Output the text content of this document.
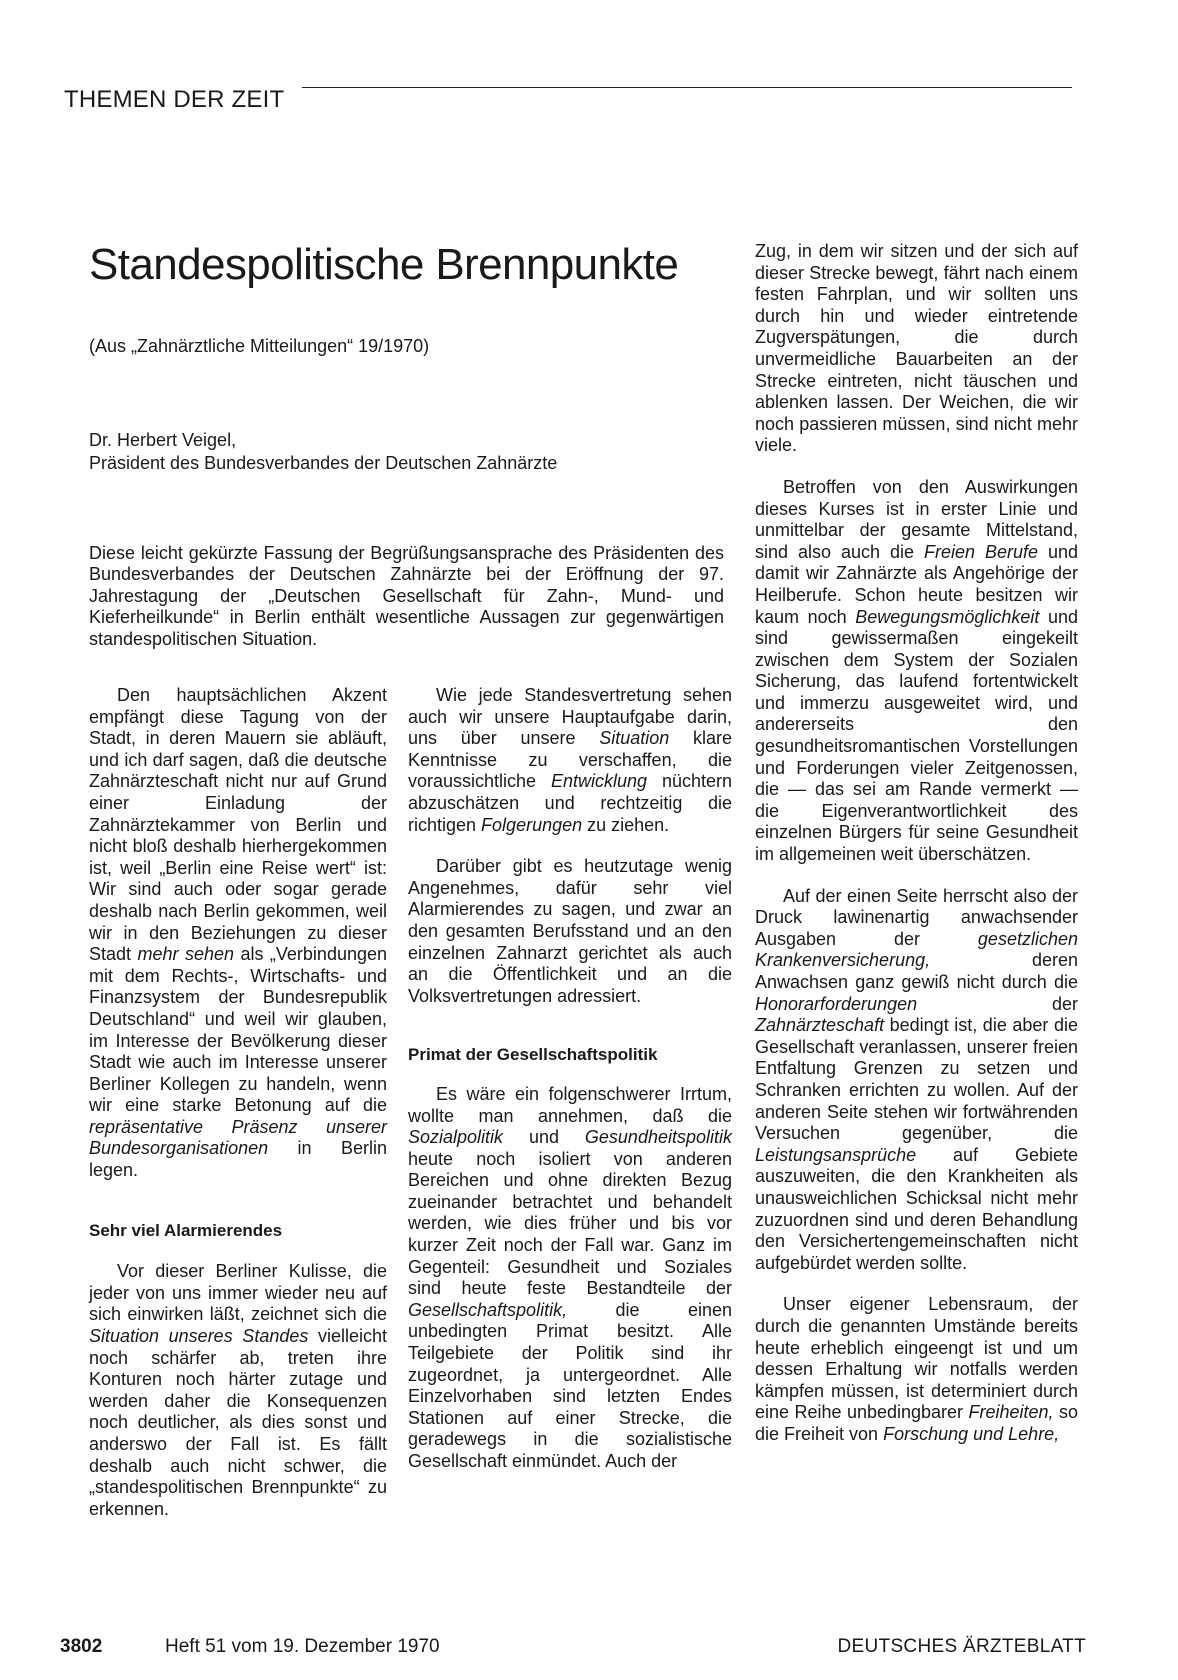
THEMEN DER ZEIT
Standespolitische Brennpunkte
(Aus „Zahnärztliche Mitteilungen“ 19/1970)
Dr. Herbert Veigel,
Präsident des Bundesverbandes der Deutschen Zahnärzte
Diese leicht gekürzte Fassung der Begrüßungsansprache des Präsidenten des Bundesverbandes der Deutschen Zahnärzte bei der Eröffnung der 97. Jahrestagung der „Deutschen Gesellschaft für Zahn-, Mund- und Kieferheilkunde“ in Berlin enthält wesentliche Aussagen zur gegenwärtigen standespolitischen Situation.

Den hauptsächlichen Akzent empfängt diese Tagung von der Stadt, in deren Mauern sie abläuft, und ich darf sagen, daß die deutsche Zahnärzteschaft nicht nur auf Grund einer Einladung der Zahnärztekammer von Berlin und nicht bloß deshalb hierhergekommen ist, weil „Berlin eine Reise wert“ ist: Wir sind auch oder sogar gerade deshalb nach Berlin gekommen, weil wir in den Beziehungen zu dieser Stadt mehr sehen als „Verbindungen mit dem Rechts-, Wirtschafts- und Finanzsystem der Bundesrepublik Deutschland“ und weil wir glauben, im Interesse der Bevölkerung dieser Stadt wie auch im Interesse unserer Berliner Kollegen zu handeln, wenn wir eine starke Betonung auf die repräsentative Präsenz unserer Bundesorganisationen in Berlin legen.

Sehr viel Alarmierendes

Vor dieser Berliner Kulisse, die jeder von uns immer wieder neu auf sich einwirken läßt, zeichnet sich die Situation unseres Standes vielleicht noch schärfer ab, treten ihre Konturen noch härter zutage und werden daher die Konsequenzen noch deutlicher, als dies sonst und anderswo der Fall ist. Es fällt deshalb auch nicht schwer, die „standespolitischen Brennpunkte“ zu erkennen.

Wie jede Standesvertretung sehen auch wir unsere Hauptaufgabe darin, uns über unsere Situation klare Kenntnisse zu verschaffen, die voraussichtliche Entwicklung nüchtern abzuschätzen und rechtzeitig die richtigen Folgerungen zu ziehen.

Darüber gibt es heutzutage wenig Angenehmes, dafür sehr viel Alarmierendes zu sagen, und zwar an den gesamten Berufsstand und an den einzelnen Zahnarzt gerichtet als auch an die Öffentlichkeit und an die Volksvertretungen adressiert.

Primat der Gesellschaftspolitik

Es wäre ein folgenschwerer Irrtum, wollte man annehmen, daß die Sozialpolitik und Gesundheitspolitik heute noch isoliert von anderen Bereichen und ohne direkten Bezug zueinander betrachtet und behandelt werden, wie dies früher und bis vor kurzer Zeit noch der Fall war. Ganz im Gegenteil: Gesundheit und Soziales sind heute feste Bestandteile der Gesellschaftspolitik, die einen unbedingten Primat besitzt. Alle Teilgebiete der Politik sind ihr zugeordnet, ja untergeordnet. Alle Einzelvorhaben sind letzten Endes Stationen auf einer Strecke, die geradewegs in die sozialistische Gesellschaft einmündet. Auch der

Zug, in dem wir sitzen und der sich auf dieser Strecke bewegt, fährt nach einem festen Fahrplan, und wir sollten uns durch hin und wieder eintretende Zugverspätungen, die durch unvermeidliche Bauarbeiten an der Strecke eintreten, nicht täuschen und ablenken lassen. Der Weichen, die wir noch passieren müssen, sind nicht mehr viele.

Betroffen von den Auswirkungen dieses Kurses ist in erster Linie und unmittelbar der gesamte Mittelstand, sind also auch die Freien Berufe und damit wir Zahnärzte als Angehörige der Heilberufe. Schon heute besitzen wir kaum noch Bewegungsmöglichkeit und sind gewissermaßen eingekeilt zwischen dem System der Sozialen Sicherung, das laufend fortentwickelt und immerzu ausgeweitet wird, und andererseits den gesundheitsromantischen Vorstellungen und Forderungen vieler Zeitgenossen, die — das sei am Rande vermerkt — die Eigenverantwortlichkeit des einzelnen Bürgers für seine Gesundheit im allgemeinen weit überschätzen.

Auf der einen Seite herrscht also der Druck lawinenartig anwachsender Ausgaben der gesetzlichen Krankenversicherung, deren Anwachsen ganz gewiß nicht durch die Honorarforderungen der Zahnärzteschaft bedingt ist, die aber die Gesellschaft veranlassen, unserer freien Entfaltung Grenzen zu setzen und Schranken errichten zu wollen. Auf der anderen Seite stehen wir fortwährenden Versuchen gegenüber, die Leistungsansprüche auf Gebiete auszuweiten, die den Krankheiten als unausweichlichen Schicksal nicht mehr zuzuordnen sind und deren Behandlung den Versichertengemeinschaften nicht aufgebürdet werden sollte.

Unser eigener Lebensraum, der durch die genannten Umstände bereits heute erheblich eingeengt ist und um dessen Erhaltung wir notfalls werden kämpfen müssen, ist determiniert durch eine Reihe unbedingbarer Freiheiten, so die Freiheit von Forschung und Lehre,

3802	Heft 51 vom 19. Dezember 1970	DEUTSCHES ÄRZTEBLATT
